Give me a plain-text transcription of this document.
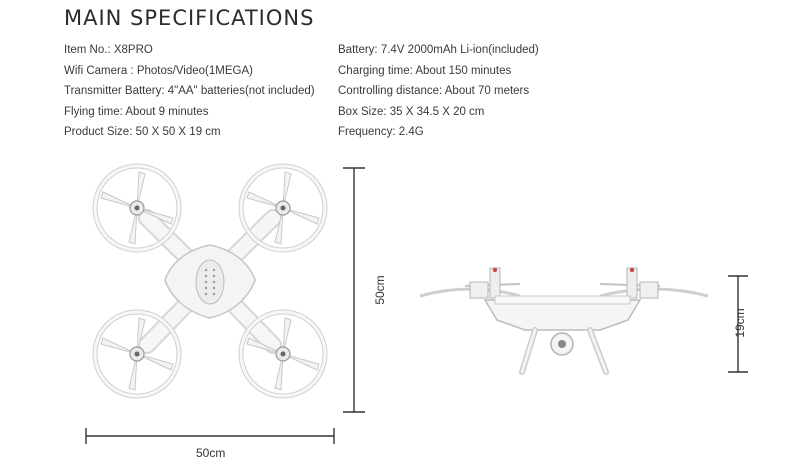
MAIN SPECIFICATIONS
Item No.: X8PRO
Wifi Camera : Photos/Video(1MEGA)
Transmitter Battery: 4"AA" batteries(not included)
Flying time: About 9 minutes
Product Size: 50 X 50 X 19 cm
Battery: 7.4V 2000mAh Li-ion(included)
Charging time: About 150 minutes
Controlling distance: About 70 meters
Box Size: 35 X 34.5 X 20 cm
Frequency: 2.4G
50cm
50cm
19cm
